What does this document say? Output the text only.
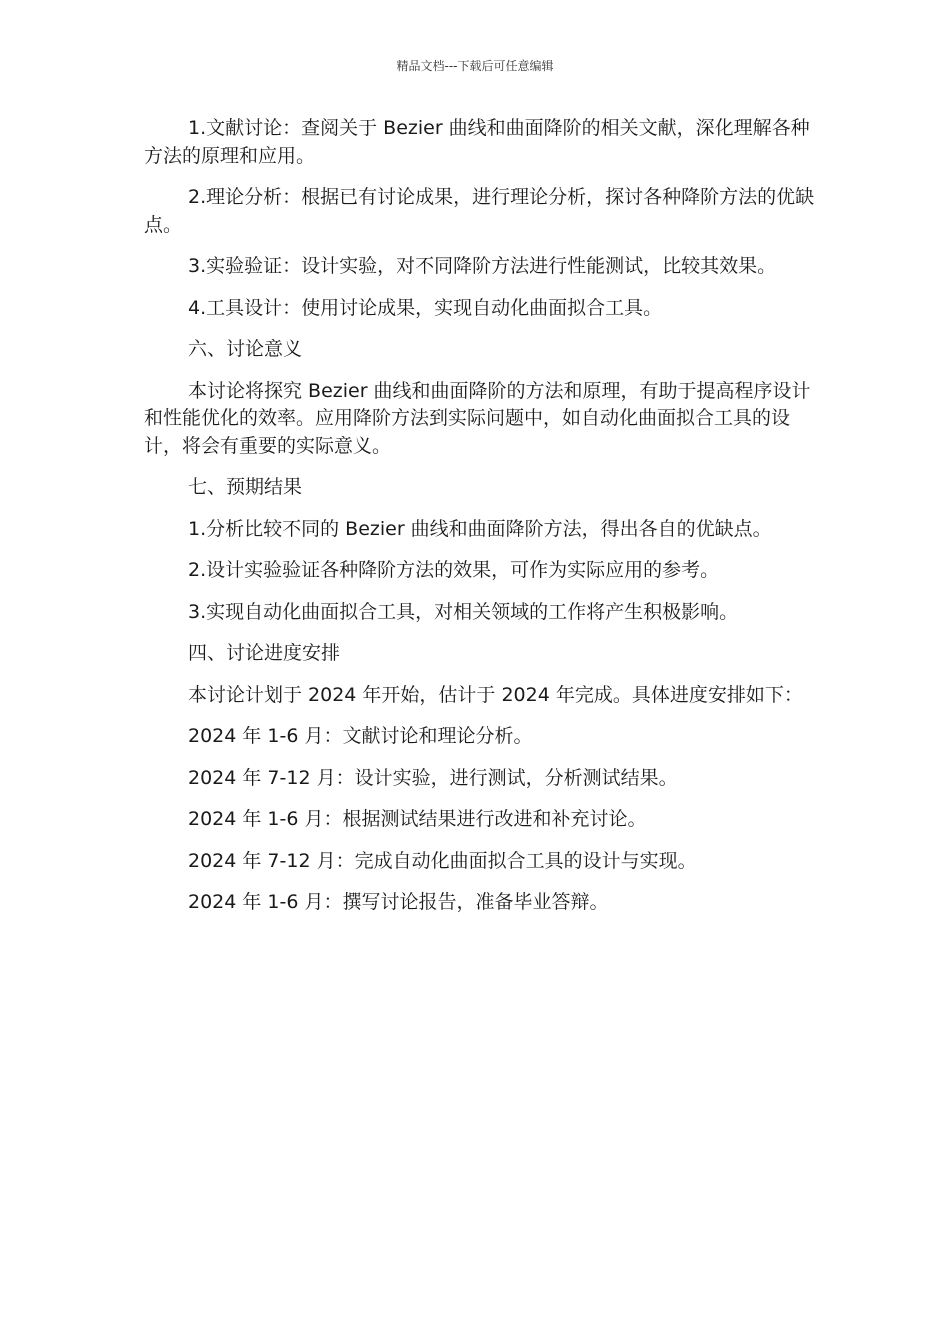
精品文档---下载后可任意编辑

1.文献讨论：查阅关于 Bezier 曲线和曲面降阶的相关文献，深化理解各种方法的原理和应用。

2.理论分析：根据已有讨论成果，进行理论分析，探讨各种降阶方法的优缺点。

3.实验验证：设计实验，对不同降阶方法进行性能测试，比较其效果。

4.工具设计：使用讨论成果，实现自动化曲面拟合工具。

六、讨论意义

本讨论将探究 Bezier 曲线和曲面降阶的方法和原理，有助于提高程序设计和性能优化的效率。应用降阶方法到实际问题中，如自动化曲面拟合工具的设计，将会有重要的实际意义。

七、预期结果

1.分析比较不同的 Bezier 曲线和曲面降阶方法，得出各自的优缺点。

2.设计实验验证各种降阶方法的效果，可作为实际应用的参考。

3.实现自动化曲面拟合工具，对相关领域的工作将产生积极影响。

四、讨论进度安排

本讨论计划于 2024 年开始，估计于 2024 年完成。具体进度安排如下：

2024 年 1-6 月：文献讨论和理论分析。

2024 年 7-12 月：设计实验，进行测试，分析测试结果。

2024 年 1-6 月：根据测试结果进行改进和补充讨论。

2024 年 7-12 月：完成自动化曲面拟合工具的设计与实现。

2024 年 1-6 月：撰写讨论报告，准备毕业答辩。
